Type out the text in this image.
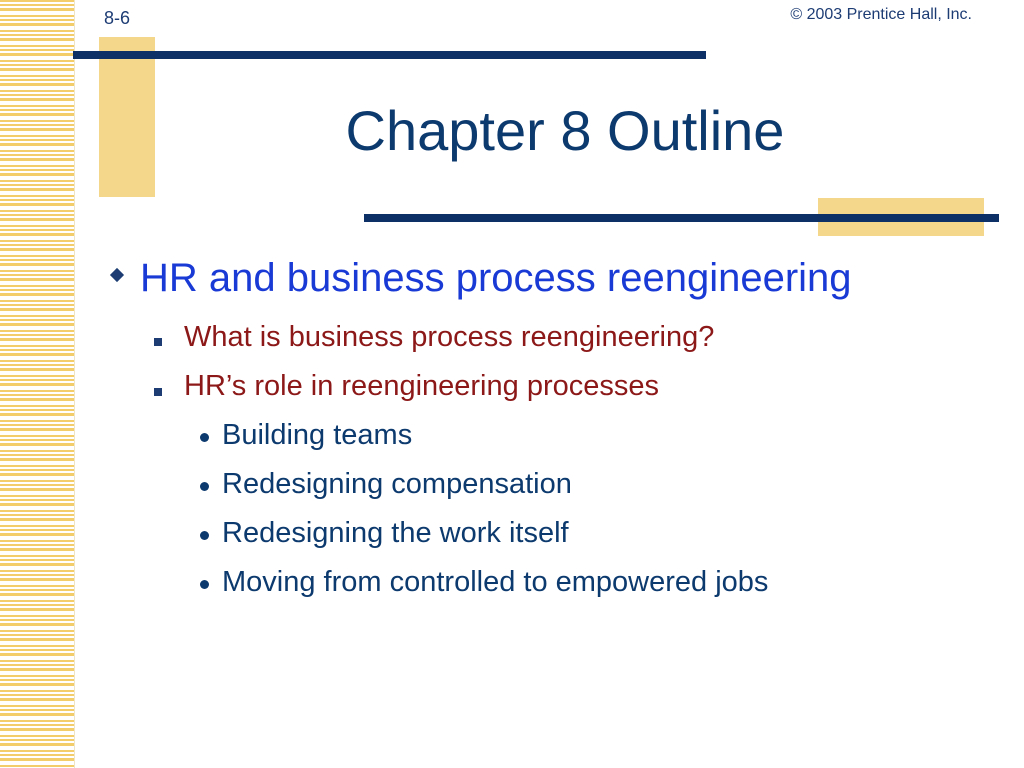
8-6	© 2003 Prentice Hall, Inc.
Chapter 8 Outline
HR and business process reengineering
What is business process reengineering?
HR’s role in reengineering processes
Building teams
Redesigning compensation
Redesigning the work itself
Moving from controlled to empowered jobs
